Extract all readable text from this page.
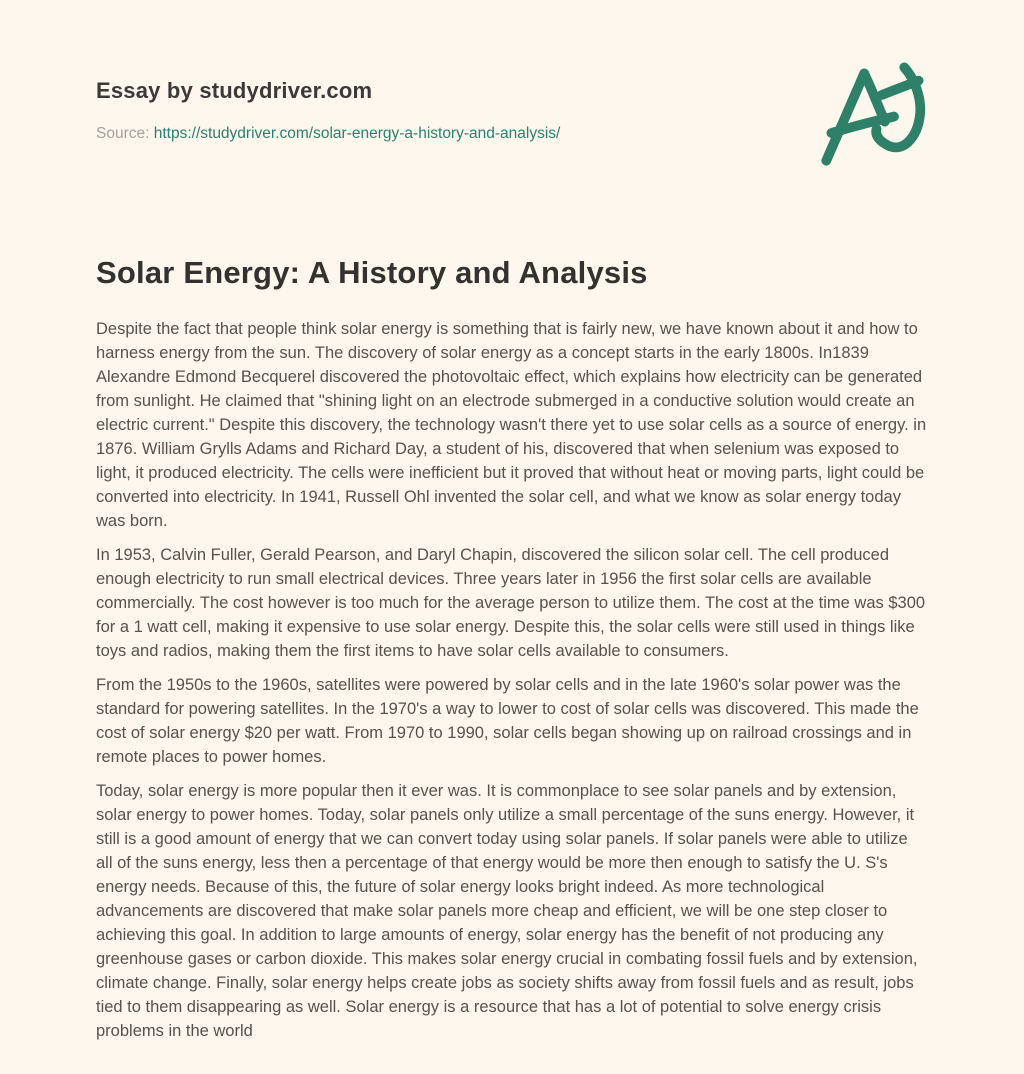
Essay by studydriver.com

Source: https://studydriver.com/solar-energy-a-history-and-analysis/

Solar Energy: A History and Analysis

Despite the fact that people think solar energy is something that is fairly new, we have known about it and how to harness energy from the sun. The discovery of solar energy as a concept starts in the early 1800s. In1839 Alexandre Edmond Becquerel discovered the photovoltaic effect, which explains how electricity can be generated from sunlight. He claimed that "shining light on an electrode submerged in a conductive solution would create an electric current." Despite this discovery, the technology wasn't there yet to use solar cells as a source of energy. in 1876. William Grylls Adams and Richard Day, a student of his, discovered that when selenium was exposed to light, it produced electricity. The cells were inefficient but it proved that without heat or moving parts, light could be converted into electricity. In 1941, Russell Ohl invented the solar cell, and what we know as solar energy today was born.

In 1953, Calvin Fuller, Gerald Pearson, and Daryl Chapin, discovered the silicon solar cell. The cell produced enough electricity to run small electrical devices. Three years later in 1956 the first solar cells are available commercially. The cost however is too much for the average person to utilize them. The cost at the time was $300 for a 1 watt cell, making it expensive to use solar energy. Despite this, the solar cells were still used in things like toys and radios, making them the first items to have solar cells available to consumers.

From the 1950s to the 1960s, satellites were powered by solar cells and in the late 1960's solar power was the standard for powering satellites. In the 1970's a way to lower to cost of solar cells was discovered. This made the cost of solar energy $20 per watt. From 1970 to 1990, solar cells began showing up on railroad crossings and in remote places to power homes.

Today, solar energy is more popular then it ever was. It is commonplace to see solar panels and by extension, solar energy to power homes. Today, solar panels only utilize a small percentage of the suns energy. However, it still is a good amount of energy that we can convert today using solar panels. If solar panels were able to utilize all of the suns energy, less then a percentage of that energy would be more then enough to satisfy the U. S's energy needs. Because of this, the future of solar energy looks bright indeed. As more technological advancements are discovered that make solar panels more cheap and efficient, we will be one step closer to achieving this goal. In addition to large amounts of energy, solar energy has the benefit of not producing any greenhouse gases or carbon dioxide. This makes solar energy crucial in combating fossil fuels and by extension, climate change. Finally, solar energy helps create jobs as society shifts away from fossil fuels and as result, jobs tied to them disappearing as well. Solar energy is a resource that has a lot of potential to solve energy crisis problems in the world
